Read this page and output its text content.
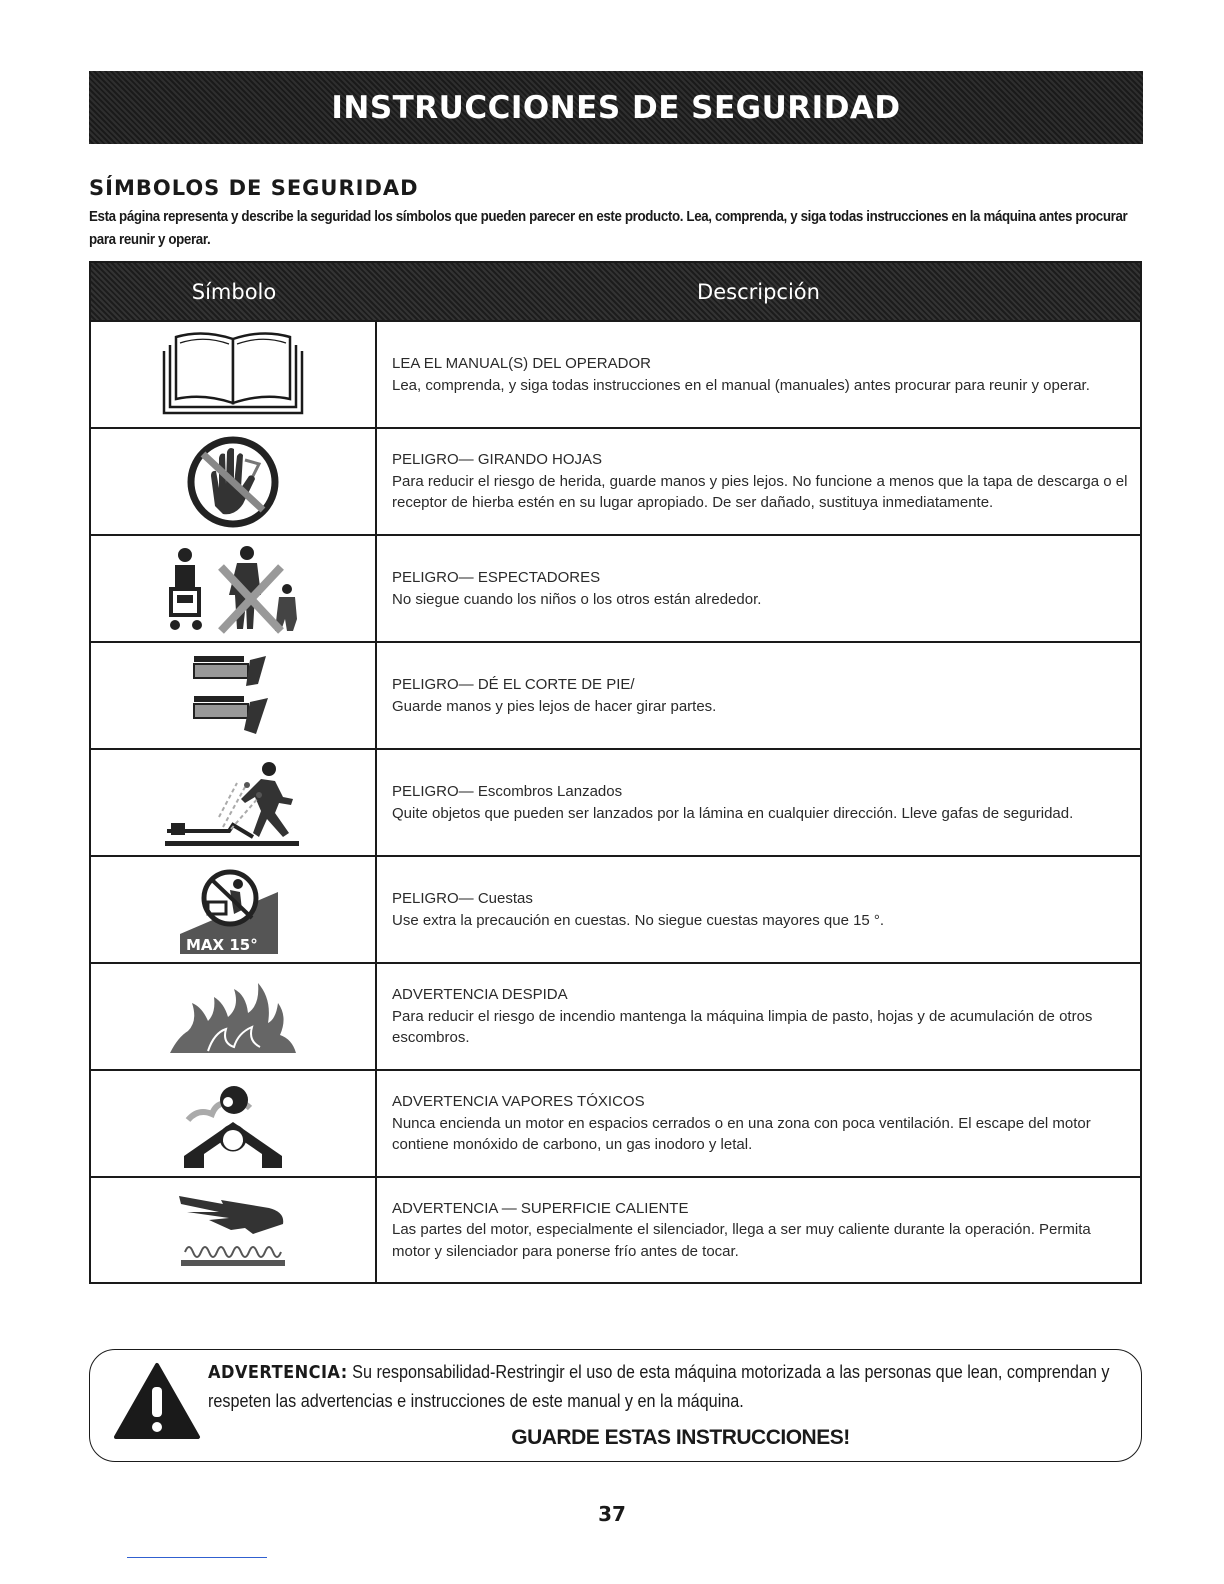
INSTRUCCIONES DE SEGURIDAD
SÍMBOLOS DE SEGURIDAD

Esta página representa y describe la seguridad los símbolos que pueden parecer en este producto. Lea, comprenda, y siga todas instrucciones en la máquina antes procurar para reunir y operar.

Símbolo	Descripción
LEA EL MANUAL(S) DEL OPERADOR
Lea, comprenda, y siga todas instrucciones en el manual (manuales) antes procurar para reunir y operar.
PELIGRO— GIRANDO HOJAS
Para reducir el riesgo de herida, guarde manos y pies lejos. No funcione a menos que la tapa de descarga o el receptor de hierba estén en su lugar apropiado. De ser dañado, sustituya inmediatamente.
PELIGRO— ESPECTADORES
No siegue cuando los niños o los otros están alrededor.
PELIGRO— DÉ EL CORTE DE PIE/
Guarde manos y pies lejos de hacer girar partes.
PELIGRO— Escombros Lanzados
Quite objetos que pueden ser lanzados por la lámina en cualquier dirección. Lleve gafas de seguridad.
MAX 15°
PELIGRO— Cuestas
Use extra la precaución en cuestas. No siegue cuestas mayores que 15 °.
ADVERTENCIA DESPIDA
Para reducir el riesgo de incendio mantenga la máquina limpia de pasto, hojas y de acumulación de otros escombros.
ADVERTENCIA VAPORES TÓXICOS
Nunca encienda un motor en espacios cerrados o en una zona con poca ventilación. El escape del motor contiene monóxido de carbono, un gas inodoro y letal.
ADVERTENCIA — SUPERFICIE CALIENTE
Las partes del motor, especialmente el silenciador, llega a ser muy caliente durante la operación. Permita motor y silenciador para ponerse frío antes de tocar.

ADVERTENCIA: Su responsabilidad-Restringir el uso de esta máquina motorizada a las personas que lean, comprendan y respeten las advertencias e instrucciones de este manual y en la máquina.

GUARDE ESTAS INSTRUCCIONES!
37
